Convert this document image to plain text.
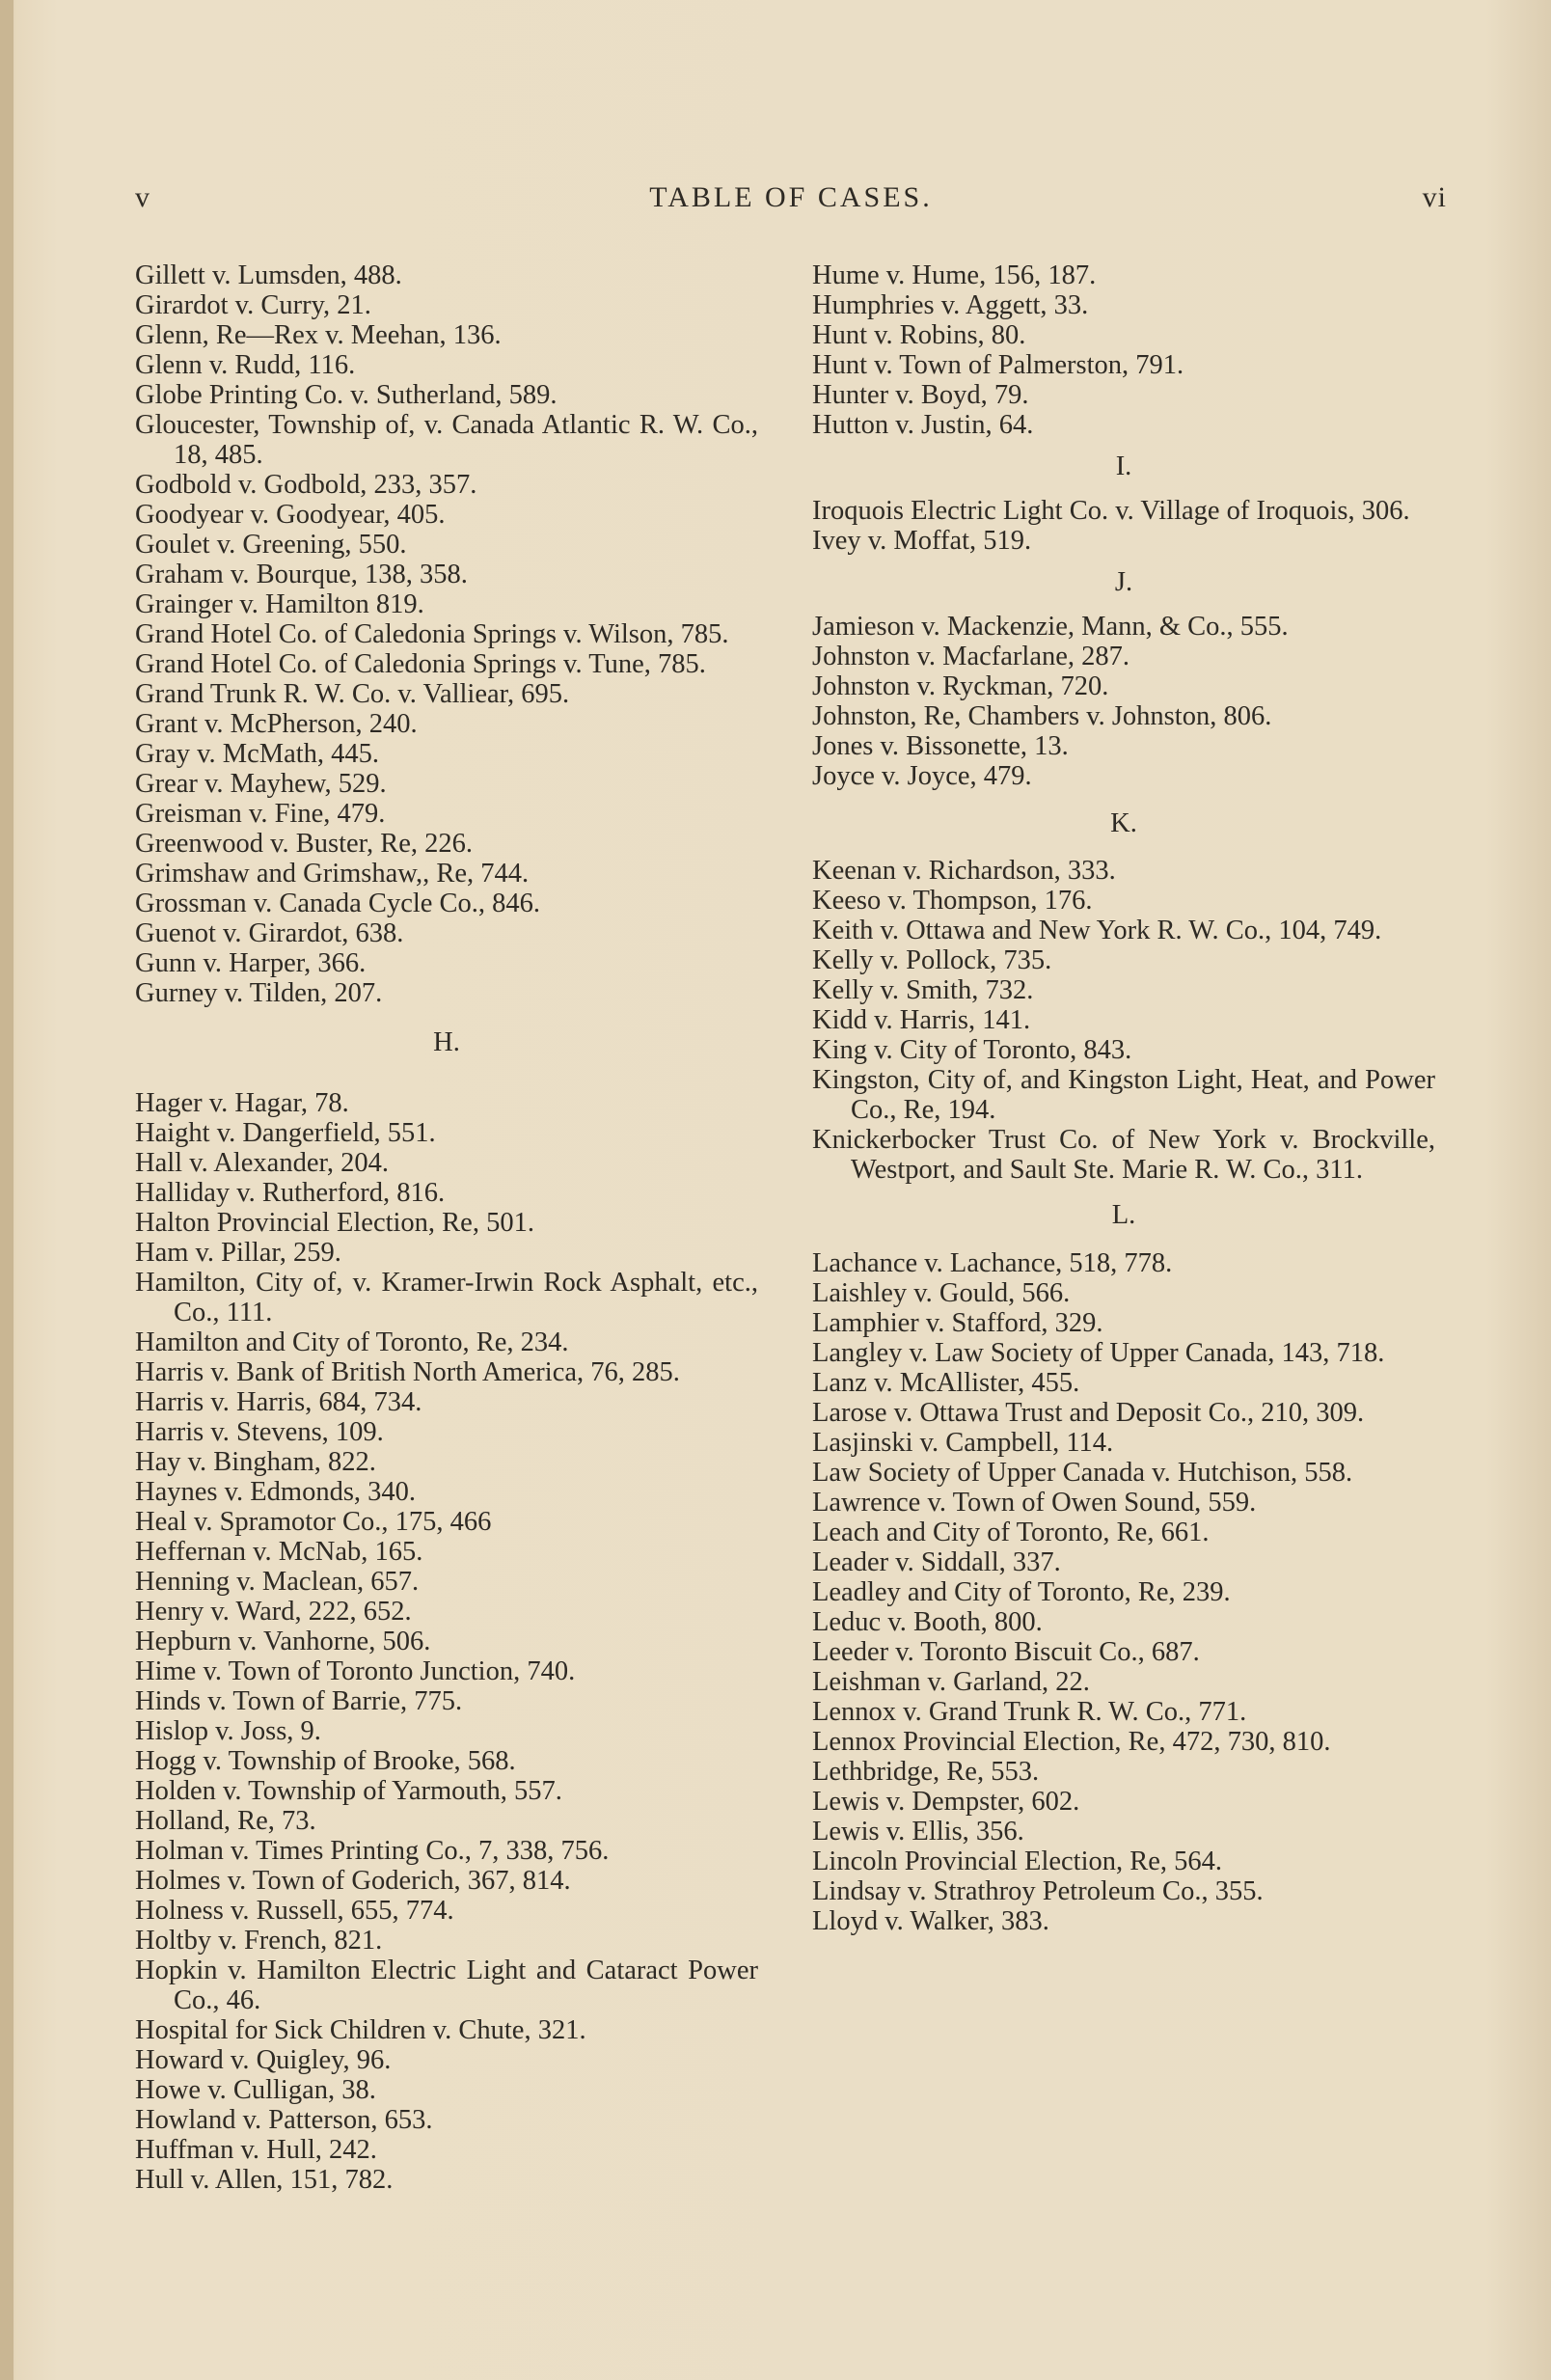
TABLE OF CASES.
v	vi
Gillett v. Lumsden, 488.
Girardot v. Curry, 21.
Glenn, Re—Rex v. Meehan, 136.
Glenn v. Rudd, 116.
Globe Printing Co. v. Sutherland, 589.
Gloucester, Township of, v. Canada Atlantic R. W. Co., 18, 485.
Godbold v. Godbold, 233, 357.
Goodyear v. Goodyear, 405.
Goulet v. Greening, 550.
Graham v. Bourque, 138, 358.
Grainger v. Hamilton 819.
Grand Hotel Co. of Caledonia Springs v. Wilson, 785.
Grand Hotel Co. of Caledonia Springs v. Tune, 785.
Grand Trunk R. W. Co. v. Valliear, 695.
Grant v. McPherson, 240.
Gray v. McMath, 445.
Grear v. Mayhew, 529.
Greisman v. Fine, 479.
Greenwood v. Buster, Re, 226.
Grimshaw and Grimshaw,, Re, 744.
Grossman v. Canada Cycle Co., 846.
Guenot v. Girardot, 638.
Gunn v. Harper, 366.
Gurney v. Tilden, 207.
H.
Hager v. Hagar, 78.
Haight v. Dangerfield, 551.
Hall v. Alexander, 204.
Halliday v. Rutherford, 816.
Halton Provincial Election, Re, 501.
Ham v. Pillar, 259.
Hamilton, City of, v. Kramer-Irwin Rock Asphalt, etc., Co., 111.
Hamilton and City of Toronto, Re, 234.
Harris v. Bank of British North America, 76, 285.
Harris v. Harris, 684, 734.
Harris v. Stevens, 109.
Hay v. Bingham, 822.
Haynes v. Edmonds, 340.
Heal v. Spramotor Co., 175, 466
Heffernan v. McNab, 165.
Henning v. Maclean, 657.
Henry v. Ward, 222, 652.
Hepburn v. Vanhorne, 506.
Hime v. Town of Toronto Junction, 740.
Hinds v. Town of Barrie, 775.
Hislop v. Joss, 9.
Hogg v. Township of Brooke, 568.
Holden v. Township of Yarmouth, 557.
Holland, Re, 73.
Holman v. Times Printing Co., 7, 338, 756.
Holmes v. Town of Goderich, 367, 814.
Holness v. Russell, 655, 774.
Holtby v. French, 821.
Hopkin v. Hamilton Electric Light and Cataract Power Co., 46.
Hospital for Sick Children v. Chute, 321.
Howard v. Quigley, 96.
Howe v. Culligan, 38.
Howland v. Patterson, 653.
Huffman v. Hull, 242.
Hull v. Allen, 151, 782.
Hume v. Hume, 156, 187.
Humphries v. Aggett, 33.
Hunt v. Robins, 80.
Hunt v. Town of Palmerston, 791.
Hunter v. Boyd, 79.
Hutton v. Justin, 64.
I.
Iroquois Electric Light Co. v. Village of Iroquois, 306.
Ivey v. Moffat, 519.
J.
Jamieson v. Mackenzie, Mann, & Co., 555.
Johnston v. Macfarlane, 287.
Johnston v. Ryckman, 720.
Johnston, Re, Chambers v. Johnston, 806.
Jones v. Bissonette, 13.
Joyce v. Joyce, 479.
K.
Keenan v. Richardson, 333.
Keeso v. Thompson, 176.
Keith v. Ottawa and New York R. W. Co., 104, 749.
Kelly v. Pollock, 735.
Kelly v. Smith, 732.
Kidd v. Harris, 141.
King v. City of Toronto, 843.
Kingston, City of, and Kingston Light, Heat, and Power Co., Re, 194.
Knickerbocker Trust Co. of New York v. Brockville, Westport, and Sault Ste. Marie R. W. Co., 311.
L.
Lachance v. Lachance, 518, 778.
Laishley v. Gould, 566.
Lamphier v. Stafford, 329.
Langley v. Law Society of Upper Canada, 143, 718.
Lanz v. McAllister, 455.
Larose v. Ottawa Trust and Deposit Co., 210, 309.
Lasjinski v. Campbell, 114.
Law Society of Upper Canada v. Hutchison, 558.
Lawrence v. Town of Owen Sound, 559.
Leach and City of Toronto, Re, 661.
Leader v. Siddall, 337.
Leadley and City of Toronto, Re, 239.
Leduc v. Booth, 800.
Leeder v. Toronto Biscuit Co., 687.
Leishman v. Garland, 22.
Lennox v. Grand Trunk R. W. Co., 771.
Lennox Provincial Election, Re, 472, 730, 810.
Lethbridge, Re, 553.
Lewis v. Dempster, 602.
Lewis v. Ellis, 356.
Lincoln Provincial Election, Re, 564.
Lindsay v. Strathroy Petroleum Co., 355.
Lloyd v. Walker, 383.
